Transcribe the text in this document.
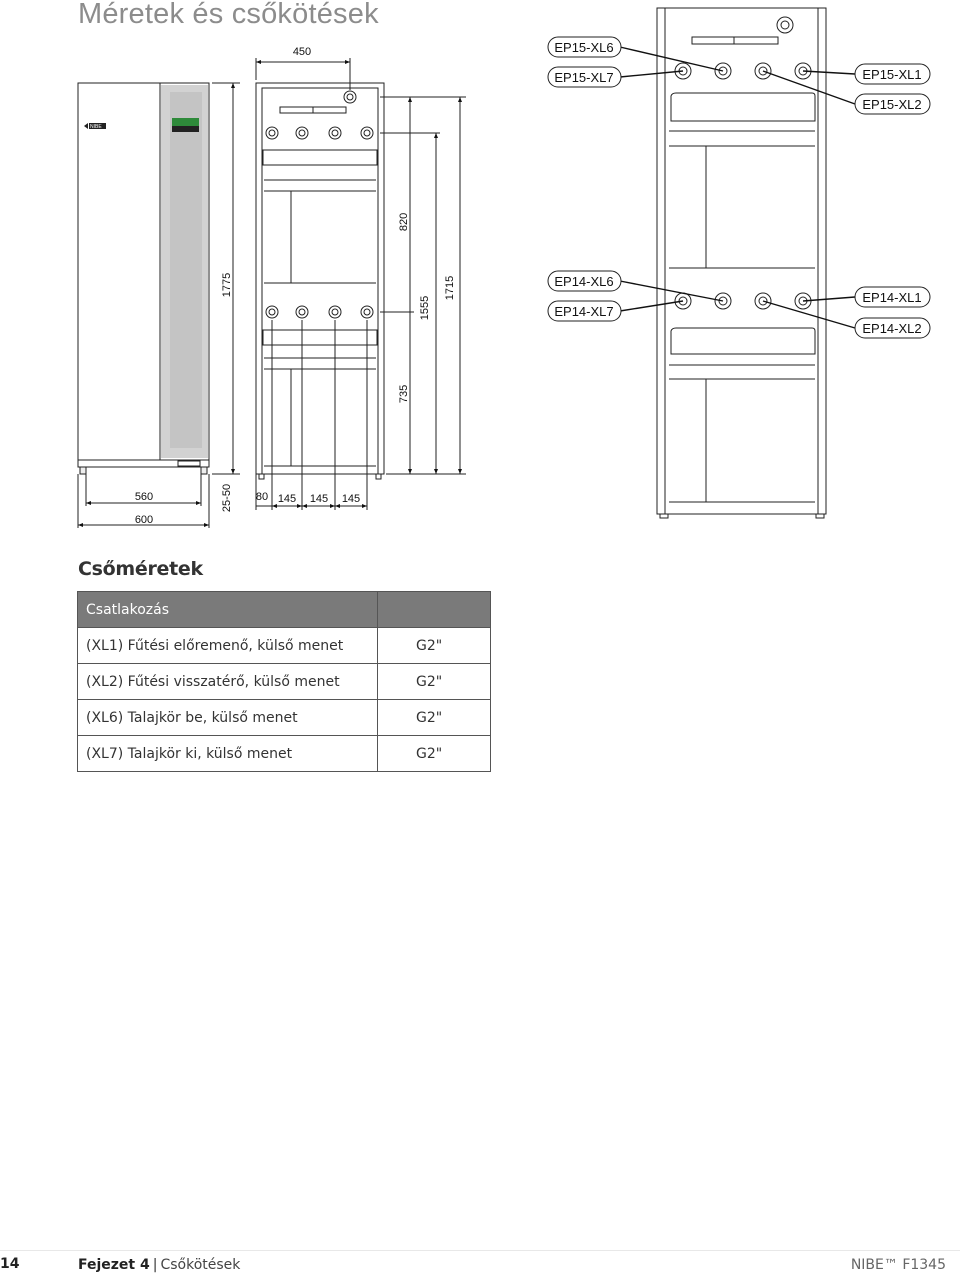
Méretek és csőkötések
NIBE
560
600
1775
25-50
450
80 145 145 145
820
735
1555
1715
EP15-XL6
EP15-XL7	EP15-XL1
EP15-XL2
EP14-XL6
EP14-XL7
EP14-XL1
EP14-XL2
Csőméretek
Csatlakozás	
(XL1) Fűtési előremenő, külső menet	G2"
(XL2) Fűtési visszatérő, külső menet	G2"
(XL6) Talajkör be, külső menet	G2"
(XL7) Talajkör ki, külső menet	G2"
14	Fejezet 4 | Csőkötések	NIBE™ F1345
